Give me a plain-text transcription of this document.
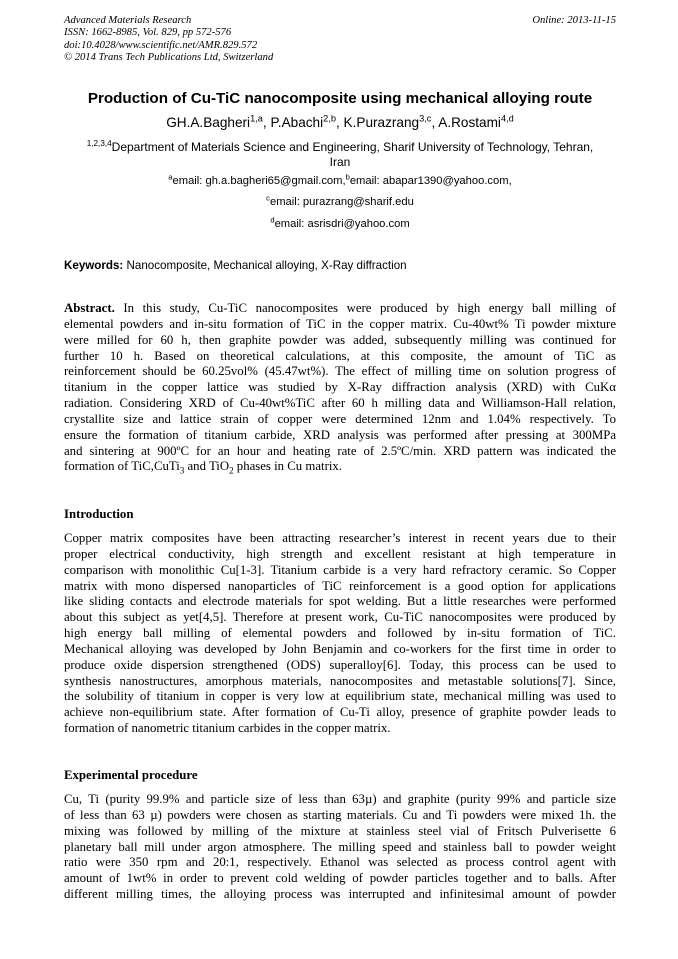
Advanced Materials Research
ISSN: 1662-8985, Vol. 829, pp 572-576
doi:10.4028/www.scientific.net/AMR.829.572
© 2014 Trans Tech Publications Ltd, Switzerland
Online: 2013-11-15
Production of Cu-TiC nanocomposite using mechanical alloying route
GH.A.Bagheri$^{1,a}$, P.Abachi$^{2,b}$, K.Purazrang$^{3,c}$, A.Rostami$^{4,d}$
$^{1,2,3,4}$Department of Materials Science and Engineering, Sharif University of Technology, Tehran,
Iran
$^a$email: gh.a.bagheri65@gmail.com,$^b$email: abapar1390@yahoo.com,
$^c$email: purazrang@sharif.edu
$^d$email: asrisdri@yahoo.com
Keywords: Nanocomposite, Mechanical alloying, X-Ray diffraction
Abstract. In this study, Cu-TiC nanocomposites were produced by high energy ball milling of
elemental powders and in-situ formation of TiC in the copper matrix. Cu-40wt% Ti powder mixture
were milled for 60 h, then graphite powder was added, subsequently milling was continued for
further 10 h. Based on theoretical calculations, at this composite, the amount of TiC as
reinforcement should be 60.25vol% (45.47wt%). The effect of milling time on solution progress of
titanium in the copper lattice was studied by X-Ray diffraction analysis (XRD) with CuKα
radiation. Considering XRD of Cu-40wt%TiC after 60 h milling data and Williamson-Hall relation,
crystallite size and lattice strain of copper were determined 12nm and 1.04% respectively. To
ensure the formation of titanium carbide, XRD analysis was performed after pressing at 300MPa
and sintering at 900ºC for an hour and heating rate of 2.5ºC/min. XRD pattern was indicated the
formation of TiC,CuTi$_3$ and TiO$_2$ phases in Cu matrix.
Introduction
Copper matrix composites have been attracting researcher’s interest in recent years due to their
proper electrical conductivity, high strength and excellent resistant at high temperature in
comparison with monolithic Cu[1-3]. Titanium carbide is a very hard refractory ceramic. So Copper
matrix with mono dispersed nanoparticles of TiC reinforcement is a good option for applications
like sliding contacts and electrode materials for spot welding. But a little researches were performed
about this subject as yet[4,5]. Therefore at present work, Cu-TiC nanocomposites were produced by
high energy ball milling of elemental powders and followed by in-situ formation of TiC.
Mechanical alloying was developed by John Benjamin and co-workers for the first time in order to
produce oxide dispersion strengthened (ODS) superalloy[6]. Today, this process can be used to
synthesis nanostructures, amorphous materials, nanocomposites and metastable solutions[7]. Since,
the solubility of titanium in copper is very low at equilibrium state, mechanical milling was used to
achieve non-equilibrium state. After formation of Cu-Ti alloy, presence of graphite powder leads to
formation of nanometric titanium carbides in the copper matrix.
Experimental procedure
Cu, Ti (purity 99.9% and particle size of less than 63µ) and graphite (purity 99% and particle size
of less than 63 µ) powders were chosen as starting materials. Cu and Ti powders were mixed 1h. the
mixing was followed by milling of the mixture at stainless steel vial of Fritsch Pulverisette 6
planetary ball mill under argon atmosphere. The milling speed and stainless ball to powder weight
ratio were 350 rpm and 20:1, respectively. Ethanol was selected as process control agent with
amount of 1wt% in order to prevent cold welding of powder particles together and to balls. After
different milling times, the alloying process was interrupted and infinitesimal amount of powder
